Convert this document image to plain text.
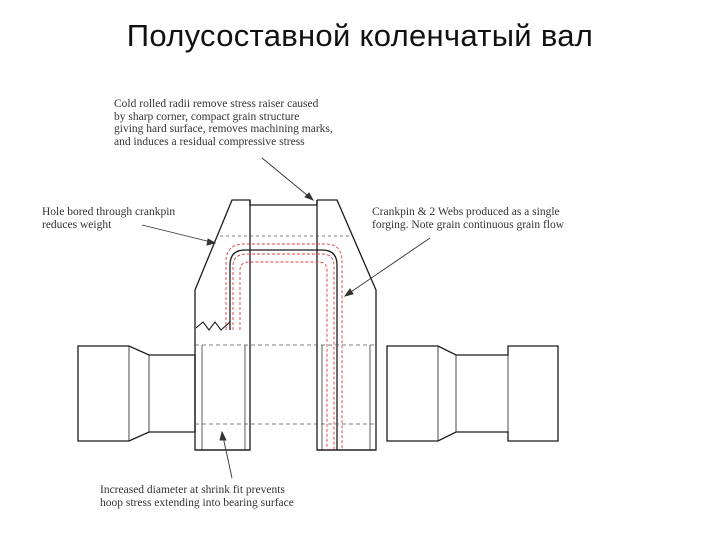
Полусоставной коленчатый вал
Cold rolled radii remove stress raiser caused
by sharp corner, compact grain structure
giving hard surface, removes machining marks,
and induces a residual compressive stress
Hole bored through crankpin
reduces weight
Crankpin & 2 Webs produced as a single
forging. Note grain continuous grain flow
Increased diameter at shrink fit prevents
hoop stress extending into bearing surface
